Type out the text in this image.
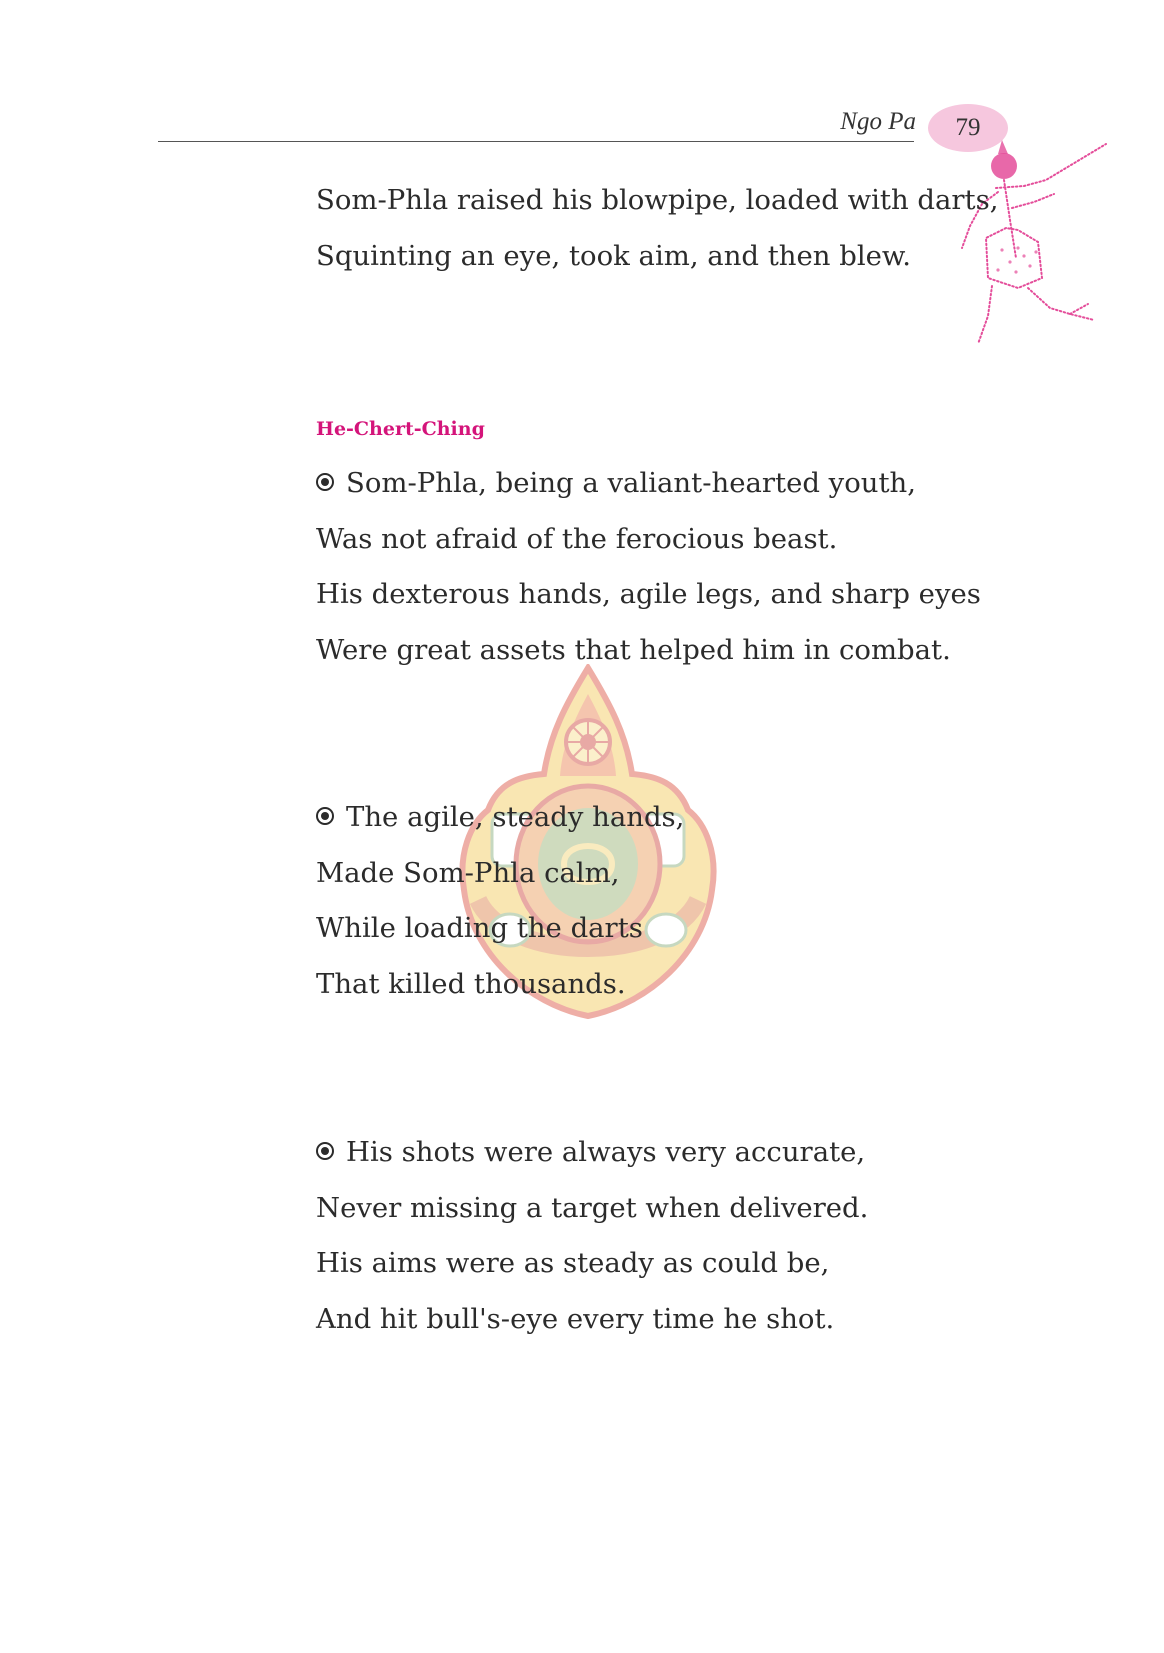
Ngo Pa	79
Som-Phla raised his blowpipe, loaded with darts,
Squinting an eye, took aim, and then blew.
He-Chert-Ching
Som-Phla, being a valiant-hearted youth,
Was not afraid of the ferocious beast.
His dexterous hands, agile legs, and sharp eyes
Were great assets that helped him in combat.
The agile, steady hands,
Made Som-Phla calm,
While loading the darts
That killed thousands.
His shots were always very accurate,
Never missing a target when delivered.
His aims were as steady as could be,
And hit bull's-eye every time he shot.
